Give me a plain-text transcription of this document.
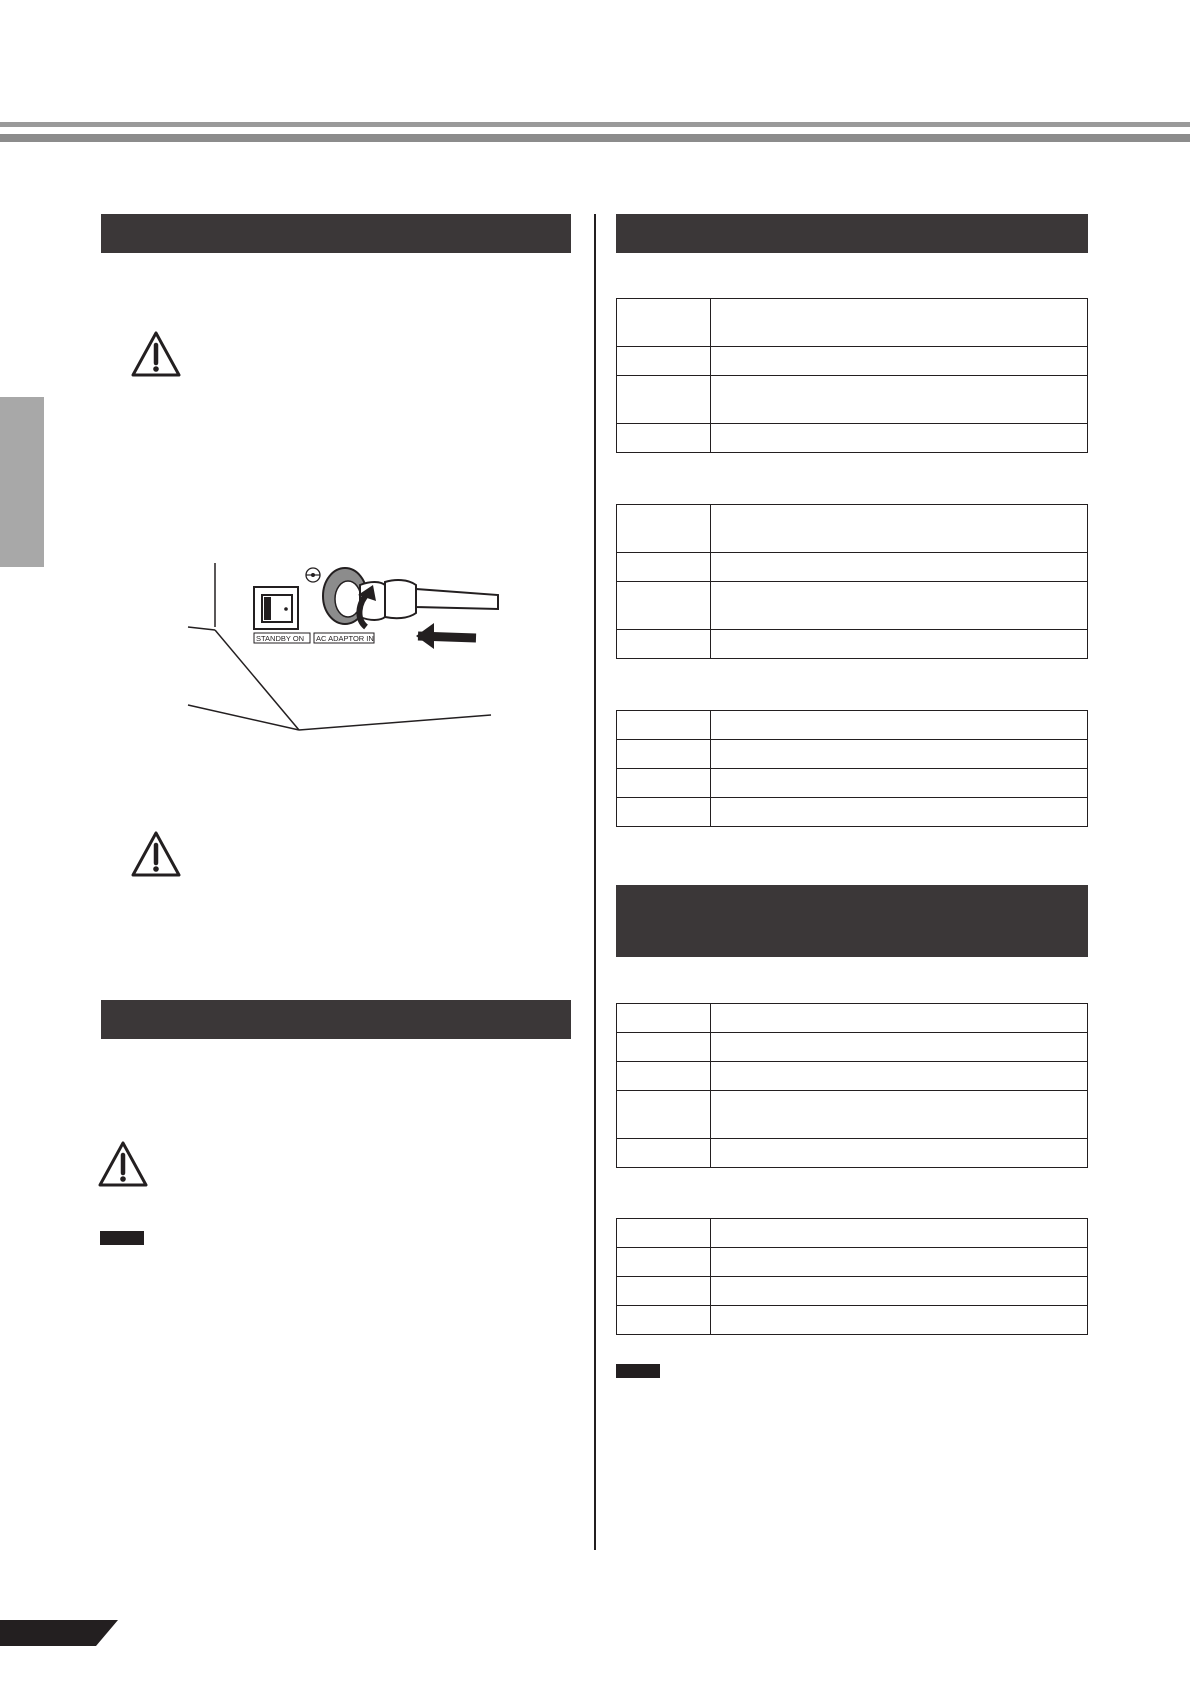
STANDBY ON AC ADAPTOR IN
